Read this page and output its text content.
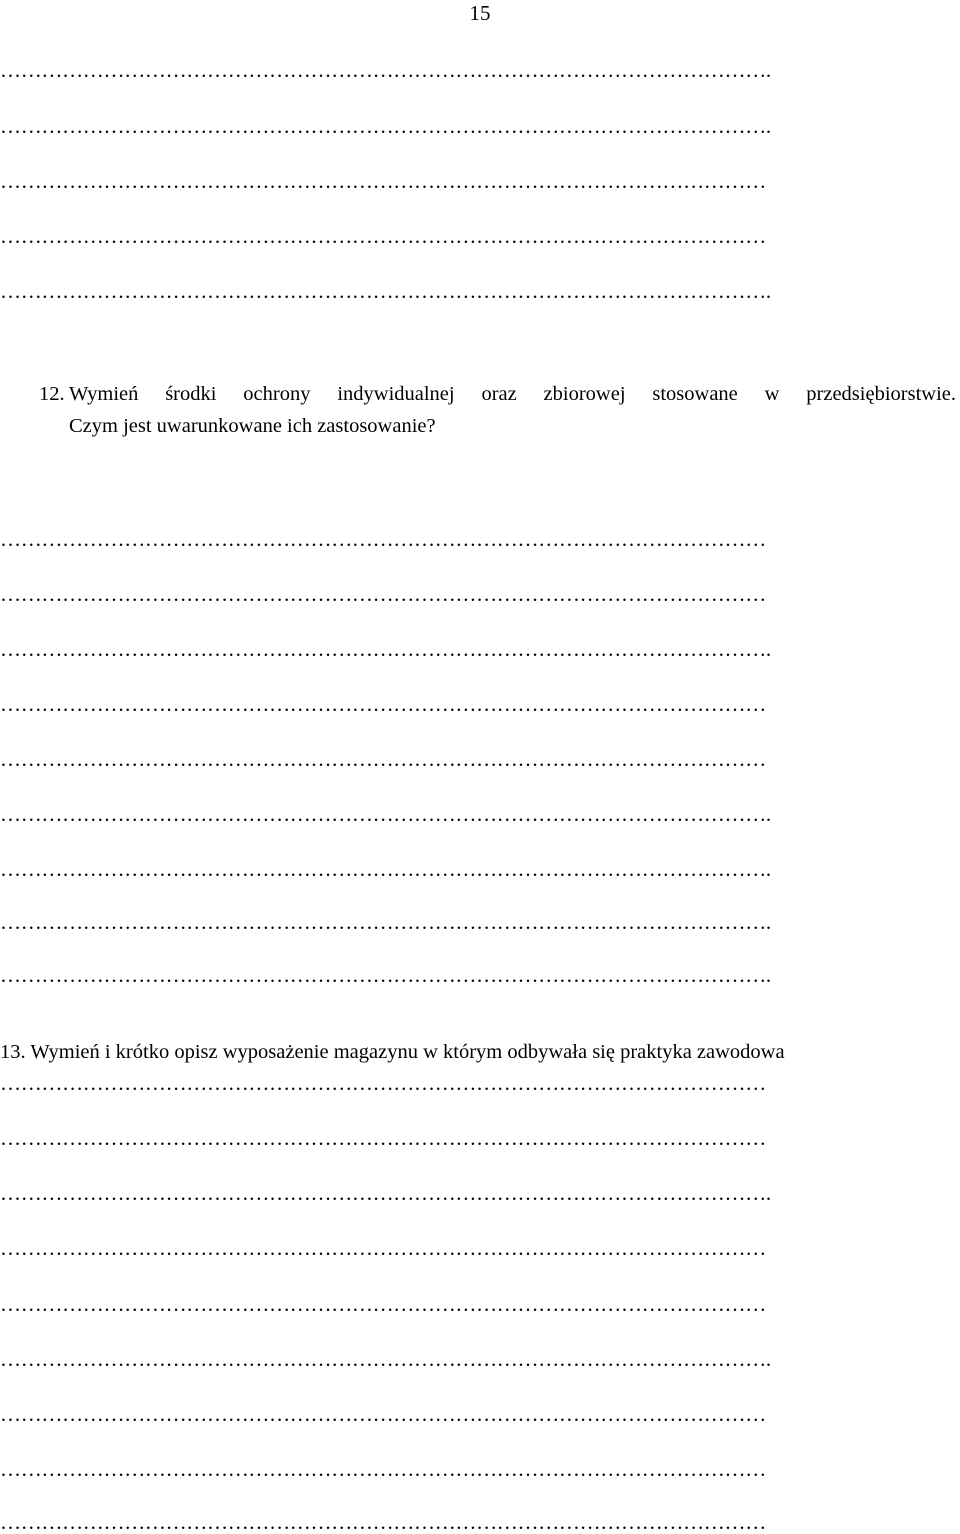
15
………………………………………………………………………………………………….
………………………………………………………………………………………………….
…………………………………………………………………………………………………
…………………………………………………………………………………………………
………………………………………………………………………………………………….
12. Wymień środki ochrony indywidualnej oraz zbiorowej stosowane w przedsiębiorstwie.
Czym jest uwarunkowane ich zastosowanie?
…………………………………………………………………………………………………
…………………………………………………………………………………………………
………………………………………………………………………………………………….
…………………………………………………………………………………………………
…………………………………………………………………………………………………
………………………………………………………………………………………………….
………………………………………………………………………………………………….
………………………………………………………………………………………………….
………………………………………………………………………………………………….
13. Wymień i krótko opisz wyposażenie magazynu w którym odbywała się praktyka zawodowa
…………………………………………………………………………………………………
…………………………………………………………………………………………………
………………………………………………………………………………………………….
…………………………………………………………………………………………………
…………………………………………………………………………………………………
………………………………………………………………………………………………….
…………………………………………………………………………………………………
…………………………………………………………………………………………………
…………………………………………………………………………………………………
